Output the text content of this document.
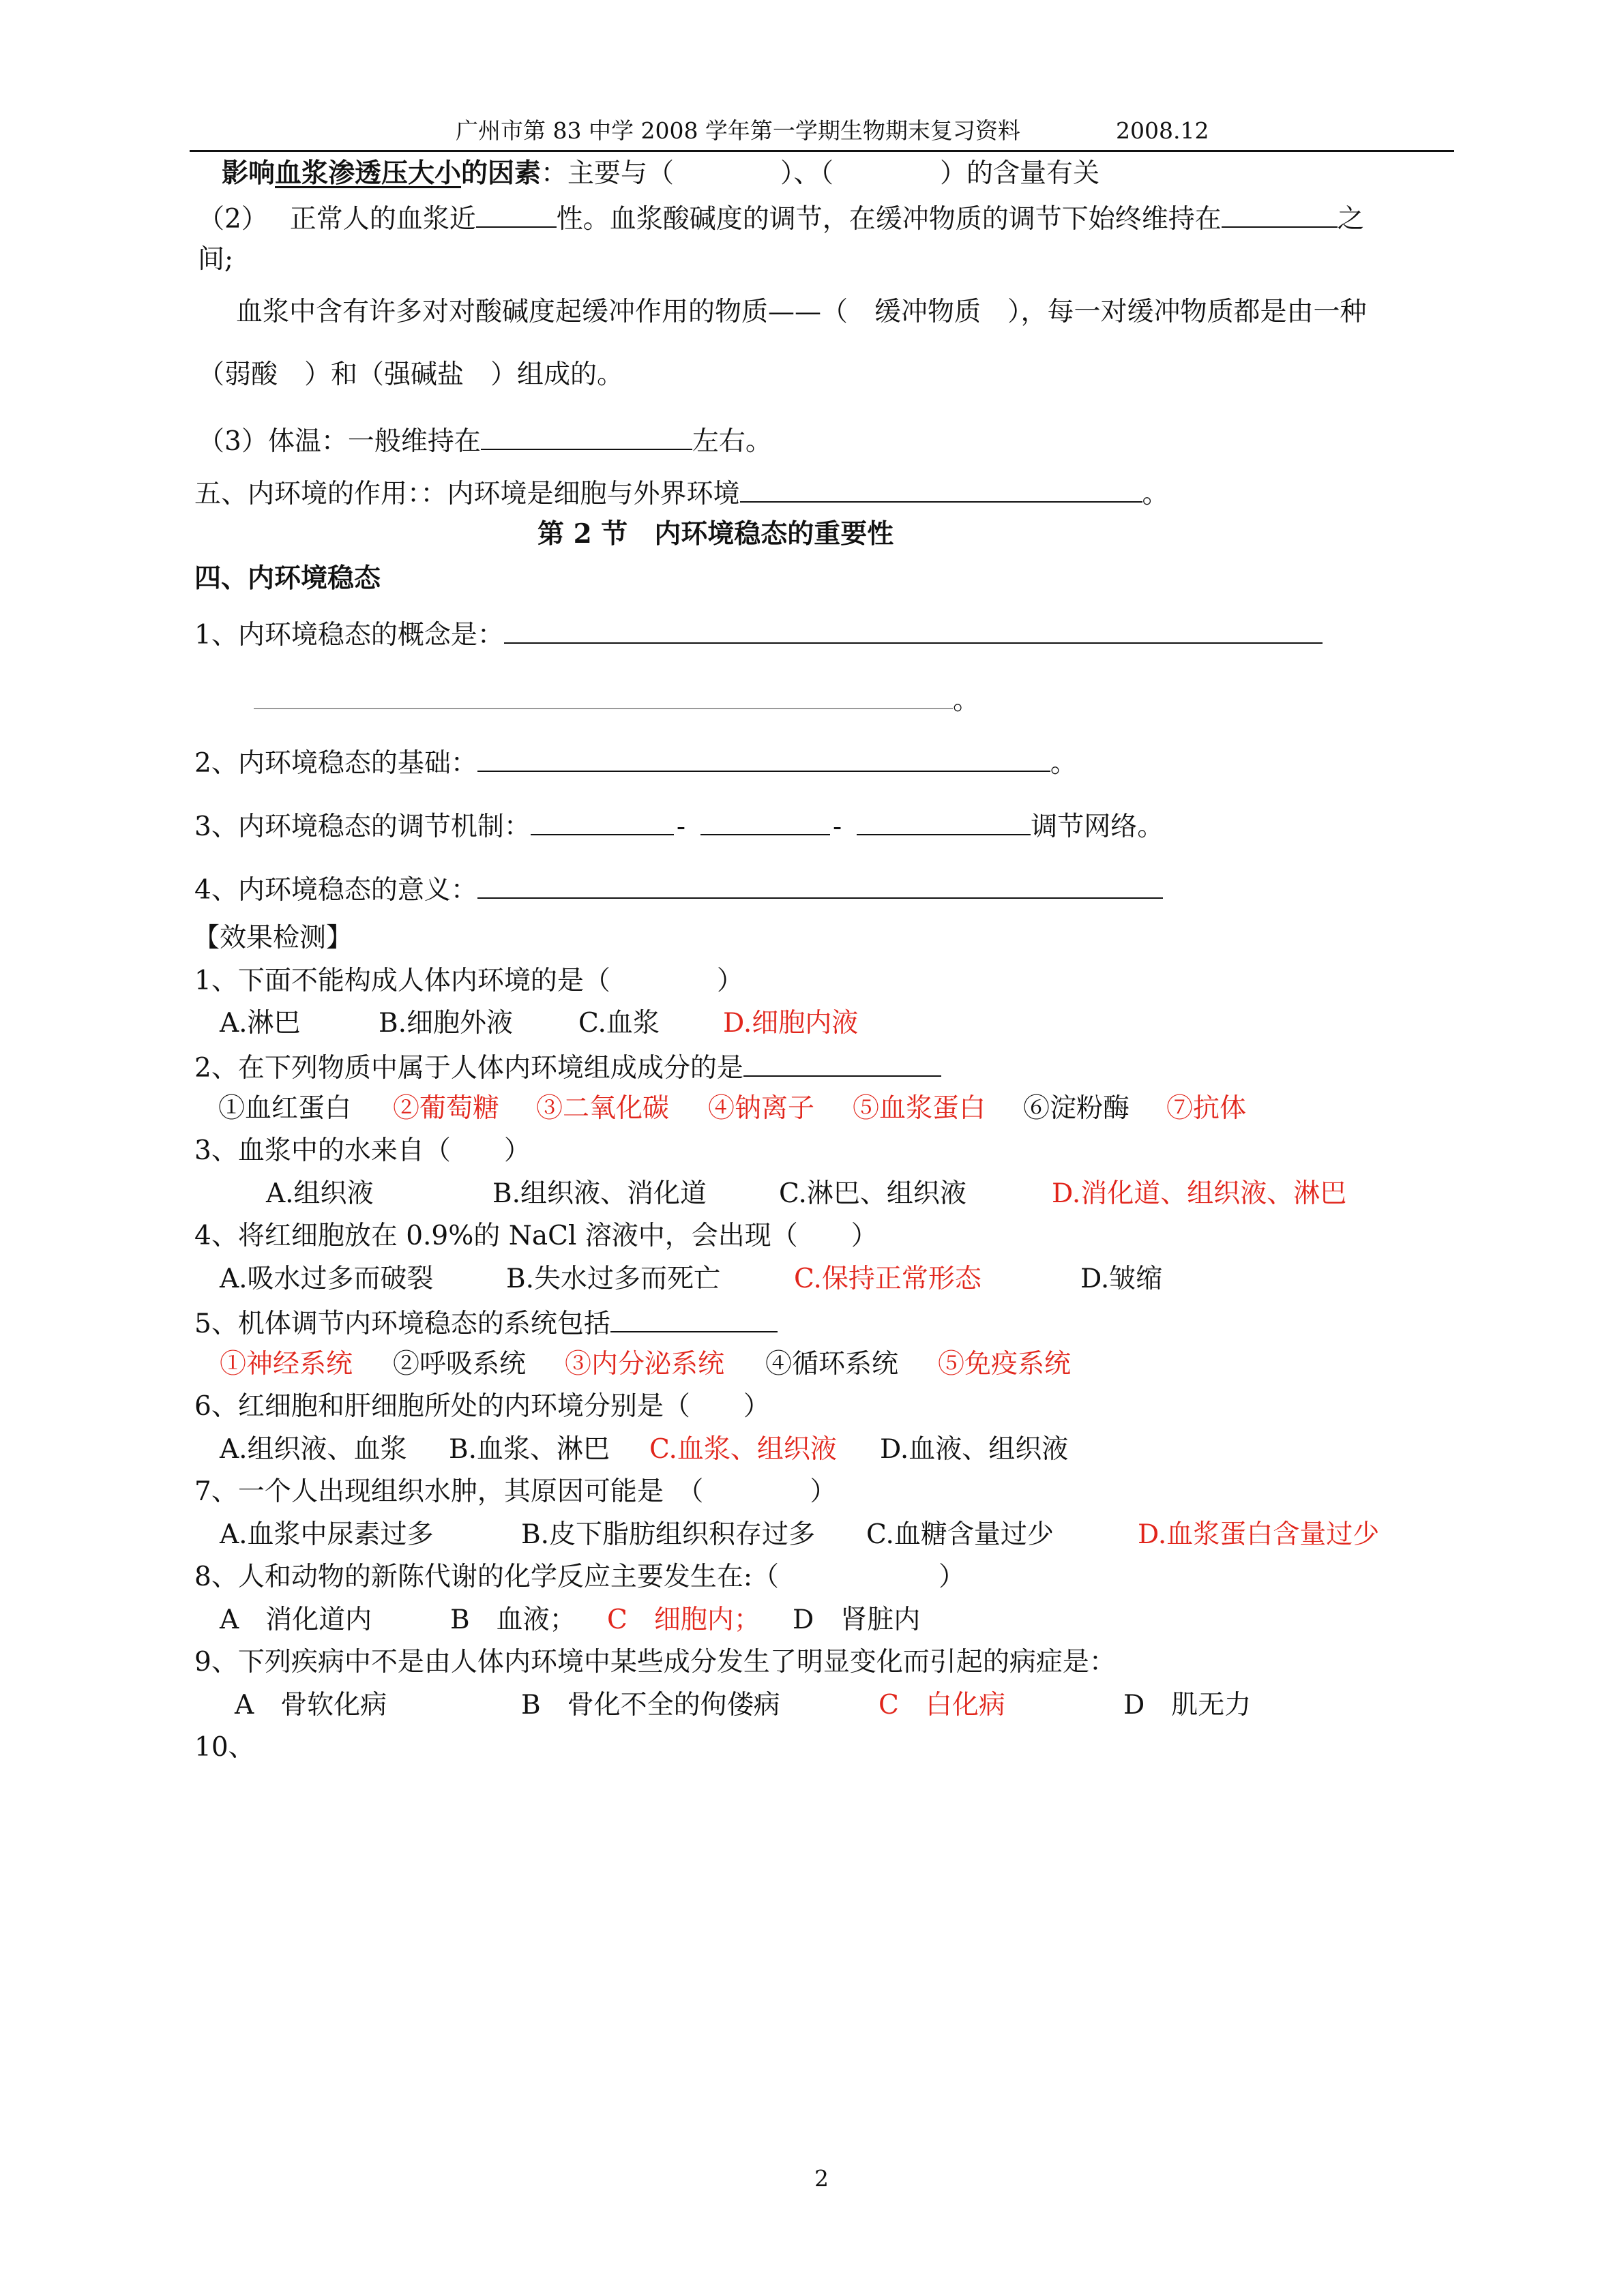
广州市第 83 中学 2008 学年第一学期生物期末复习资料	2008.12
影响血浆渗透压大小的因素：主要与（　　　　）、（　　　　）的含量有关
（2）　 正常人的血浆近	性。血浆酸碱度的调节，在缓冲物质的调节下始终维持在	之
间;
血浆中含有许多对对酸碱度起缓冲作用的物质——（　缓冲物质　），每一对缓冲物质都是由一种
（弱酸　）和（强碱盐　）组成的。
（3）体温：一般维持在	左右。
五、内环境的作用：：内环境是细胞与外界环境	。
第 2 节　内环境稳态的重要性
四、内环境稳态
1、内环境稳态的概念是：
。
2、内环境稳态的基础：	。
3、内环境稳态的调节机制：	-	-	调节网络。
4、内环境稳态的意义：
【效果检测】
1、下面不能构成人体内环境的是（　　　　）
A.淋巴	B.细胞外液 C.血浆 D.细胞内液
2、在下列物质中属于人体内环境组成成分的是
①血红蛋白 ②葡萄糖 ③二氧化碳 ④钠离子 ⑤血浆蛋白 ⑥淀粉酶 ⑦抗体
3、血浆中的水来自（　　）
A.组织液	B.组织液、消化道	C.淋巴、组织液	D.消化道、组织液、淋巴
4、将红细胞放在 0.9%的 NaCl 溶液中，会出现（　　）
A.吸水过多而破裂	B.失水过多而死亡	C.保持正常形态	D.皱缩
5、机体调节内环境稳态的系统包括
①神经系统 ②呼吸系统 ③内分泌系统 ④循环系统 ⑤免疫系统
6、红细胞和肝细胞所处的内环境分别是（　　）
A.组织液、血浆 B.血浆、淋巴 C.血浆、组织液 D.血液、组织液
7、一个人出现组织水肿，其原因可能是　（　　　　）
A.血浆中尿素过多	B.皮下脂肪组织积存过多 C.血糖含量过少	D.血浆蛋白含量过少
8、人和动物的新陈代谢的化学反应主要发生在:（　　　　　　）
A　消化道内	B　血液； C　细胞内； D　肾脏内
9、下列疾病中不是由人体内环境中某些成分发生了明显变化而引起的病症是：
A　骨软化病	B　骨化不全的佝偻病	C　白化病	D　肌无力
10、
2
